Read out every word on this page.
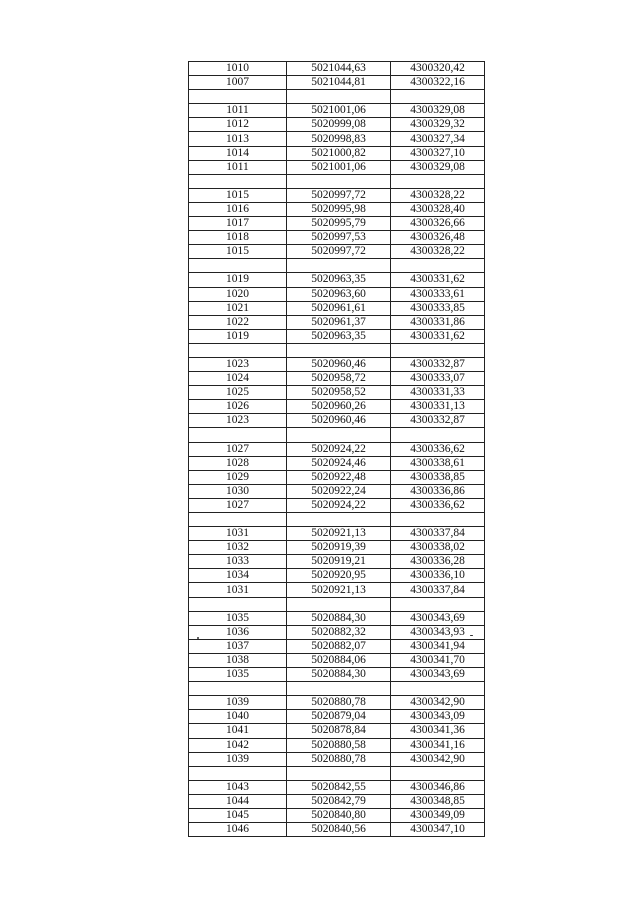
1010	5021044,63	4300320,42
1007	5021044,81	4300322,16

1011	5021001,06	4300329,08
1012	5020999,08	4300329,32
1013	5020998,83	4300327,34
1014	5021000,82	4300327,10
1011	5021001,06	4300329,08

1015	5020997,72	4300328,22
1016	5020995,98	4300328,40
1017	5020995,79	4300326,66
1018	5020997,53	4300326,48
1015	5020997,72	4300328,22

1019	5020963,35	4300331,62
1020	5020963,60	4300333,61
1021	5020961,61	4300333,85
1022	5020961,37	4300331,86
1019	5020963,35	4300331,62

1023	5020960,46	4300332,87
1024	5020958,72	4300333,07
1025	5020958,52	4300331,33
1026	5020960,26	4300331,13
1023	5020960,46	4300332,87

1027	5020924,22	4300336,62
1028	5020924,46	4300338,61
1029	5020922,48	4300338,85
1030	5020922,24	4300336,86
1027	5020924,22	4300336,62

1031	5020921,13	4300337,84
1032	5020919,39	4300338,02
1033	5020919,21	4300336,28
1034	5020920,95	4300336,10
1031	5020921,13	4300337,84

1035	5020884,30	4300343,69
1036	5020882,32	4300343,93
1037	5020882,07	4300341,94
1038	5020884,06	4300341,70
1035	5020884,30	4300343,69

1039	5020880,78	4300342,90
1040	5020879,04	4300343,09
1041	5020878,84	4300341,36
1042	5020880,58	4300341,16
1039	5020880,78	4300342,90

1043	5020842,55	4300346,86
1044	5020842,79	4300348,85
1045	5020840,80	4300349,09
1046	5020840,56	4300347,10
